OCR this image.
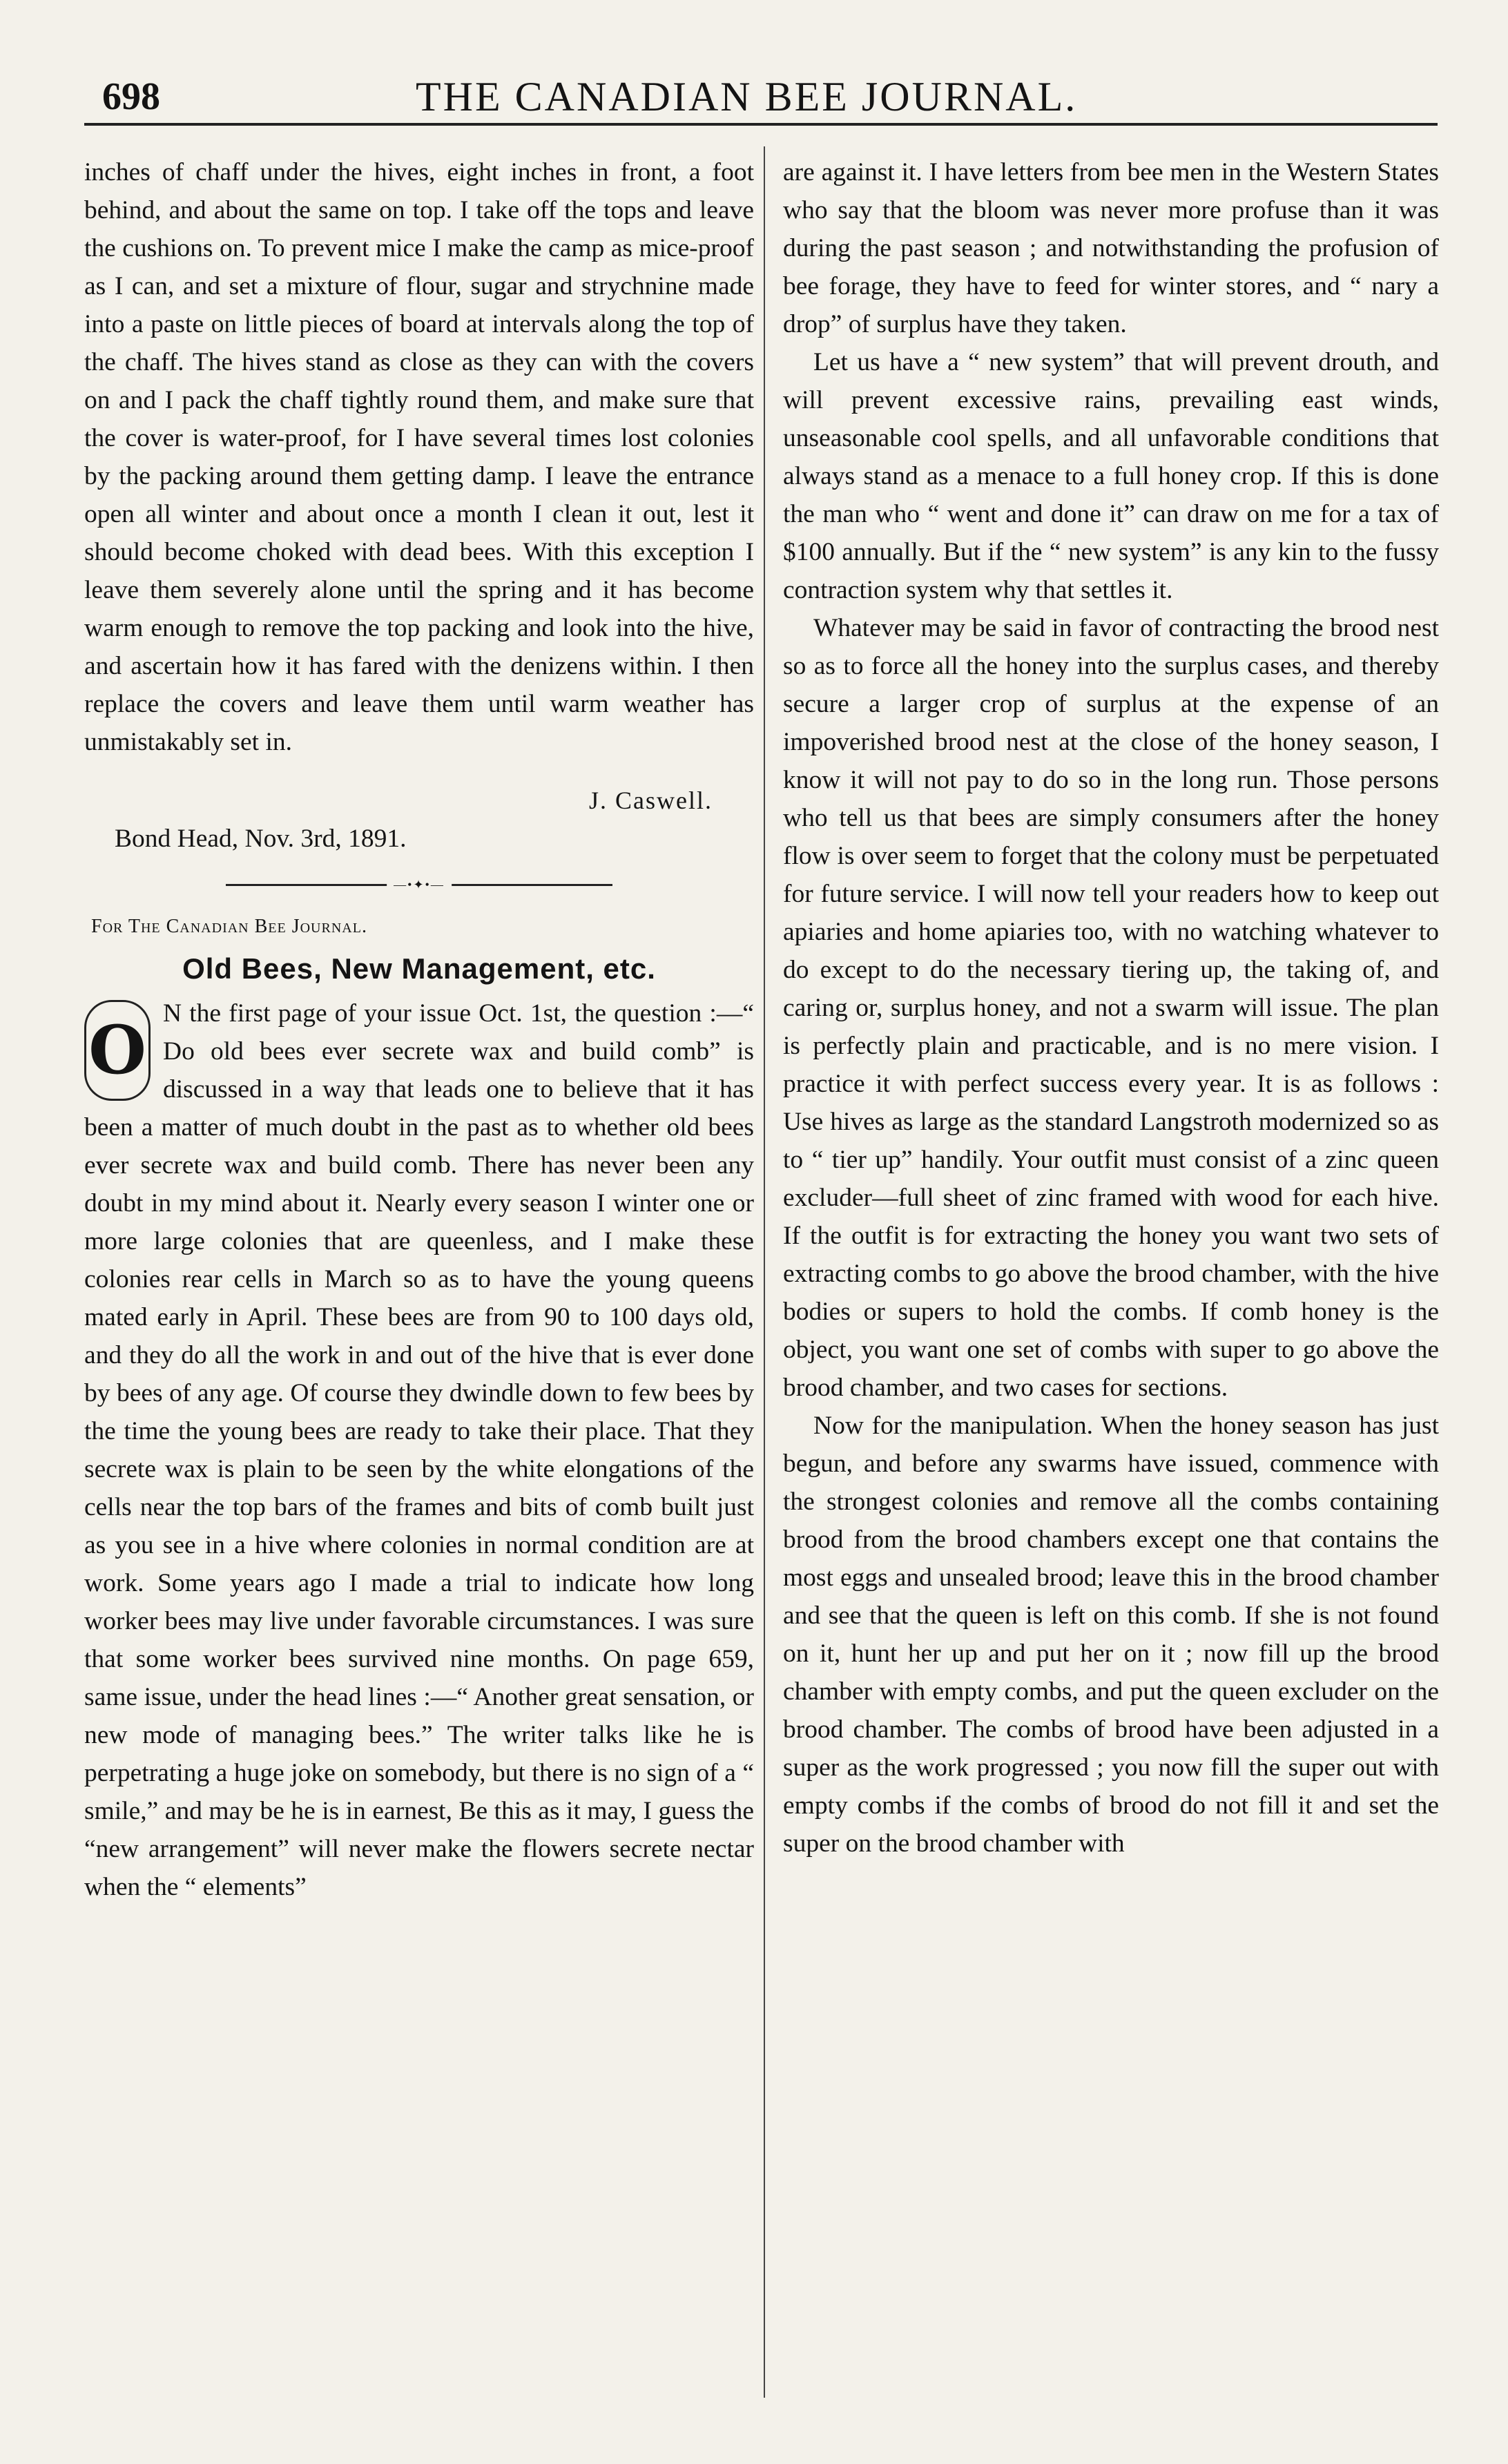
698	THE CANADIAN BEE JOURNAL.

inches of chaff under the hives, eight inches in front, a foot behind, and about the same on top. I take off the tops and leave the cushions on. To prevent mice I make the camp as mice-proof as I can, and set a mixture of flour, sugar and strychnine made into a paste on little pieces of board at intervals along the top of the chaff. The hives stand as close as they can with the covers on and I pack the chaff tightly round them, and make sure that the cover is water-proof, for I have several times lost colonies by the packing around them getting damp. I leave the entrance open all winter and about once a month I clean it out, lest it should become choked with dead bees. With this exception I leave them severely alone until the spring and it has become warm enough to remove the top packing and look into the hive, and ascertain how it has fared with the denizens within. I then replace the covers and leave them until warm weather has unmistakably set in.

J. Caswell.

Bond Head, Nov. 3rd, 1891.

—•✦•—
For The Canadian Bee Journal.
Old Bees, New Management, etc.
O N the first page of your issue Oct. 1st, the question :—“ Do old bees ever secrete wax and build comb” is discussed in a way that leads one to believe that it has been a matter of much doubt in the past as to whether old bees ever secrete wax and build comb. There has never been any doubt in my mind about it. Nearly every season I winter one or more large colonies that are queenless, and I make these colonies rear cells in March so as to have the young queens mated early in April. These bees are from 90 to 100 days old, and they do all the work in and out of the hive that is ever done by bees of any age. Of course they dwindle down to few bees by the time the young bees are ready to take their place. That they secrete wax is plain to be seen by the white elongations of the cells near the top bars of the frames and bits of comb built just as you see in a hive where colonies in normal condition are at work. Some years ago I made a trial to indicate how long worker bees may live under favorable circumstances. I was sure that some worker bees survived nine months. On page 659, same issue, under the head lines :—“ Another great sensation, or new mode of managing bees.” The writer talks like he is perpetrating a huge joke on somebody, but there is no sign of a “ smile,” and may be he is in earnest, Be this as it may, I guess the “new arrangement” will never make the flowers secrete nectar when the “ elements”

are against it. I have letters from bee men in the Western States who say that the bloom was never more profuse than it was during the past season ; and notwithstanding the profusion of bee forage, they have to feed for winter stores, and “ nary a drop” of surplus have they taken.

Let us have a “ new system” that will prevent drouth, and will prevent excessive rains, prevailing east winds, unseasonable cool spells, and all unfavorable conditions that always stand as a menace to a full honey crop. If this is done the man who “ went and done it” can draw on me for a tax of $100 annually. But if the “ new system” is any kin to the fussy contraction system why that settles it.

Whatever may be said in favor of contracting the brood nest so as to force all the honey into the surplus cases, and thereby secure a larger crop of surplus at the expense of an impoverished brood nest at the close of the honey season, I know it will not pay to do so in the long run. Those persons who tell us that bees are simply consumers after the honey flow is over seem to forget that the colony must be perpetuated for future service. I will now tell your readers how to keep out apiaries and home apiaries too, with no watching whatever to do except to do the necessary tiering up, the taking of, and caring or, surplus honey, and not a swarm will issue. The plan is perfectly plain and practicable, and is no mere vision. I practice it with perfect success every year. It is as follows : Use hives as large as the standard Langstroth modernized so as to “ tier up” handily. Your outfit must consist of a zinc queen excluder—full sheet of zinc framed with wood for each hive. If the outfit is for extracting the honey you want two sets of extracting combs to go above the brood chamber, with the hive bodies or supers to hold the combs. If comb honey is the object, you want one set of combs with super to go above the brood chamber, and two cases for sections.

Now for the manipulation. When the honey season has just begun, and before any swarms have issued, commence with the strongest colonies and remove all the combs containing brood from the brood chambers except one that contains the most eggs and unsealed brood; leave this in the brood chamber and see that the queen is left on this comb. If she is not found on it, hunt her up and put her on it ; now fill up the brood chamber with empty combs, and put the queen excluder on the brood chamber. The combs of brood have been adjusted in a super as the work progressed ; you now fill the super out with empty combs if the combs of brood do not fill it and set the super on the brood chamber with
